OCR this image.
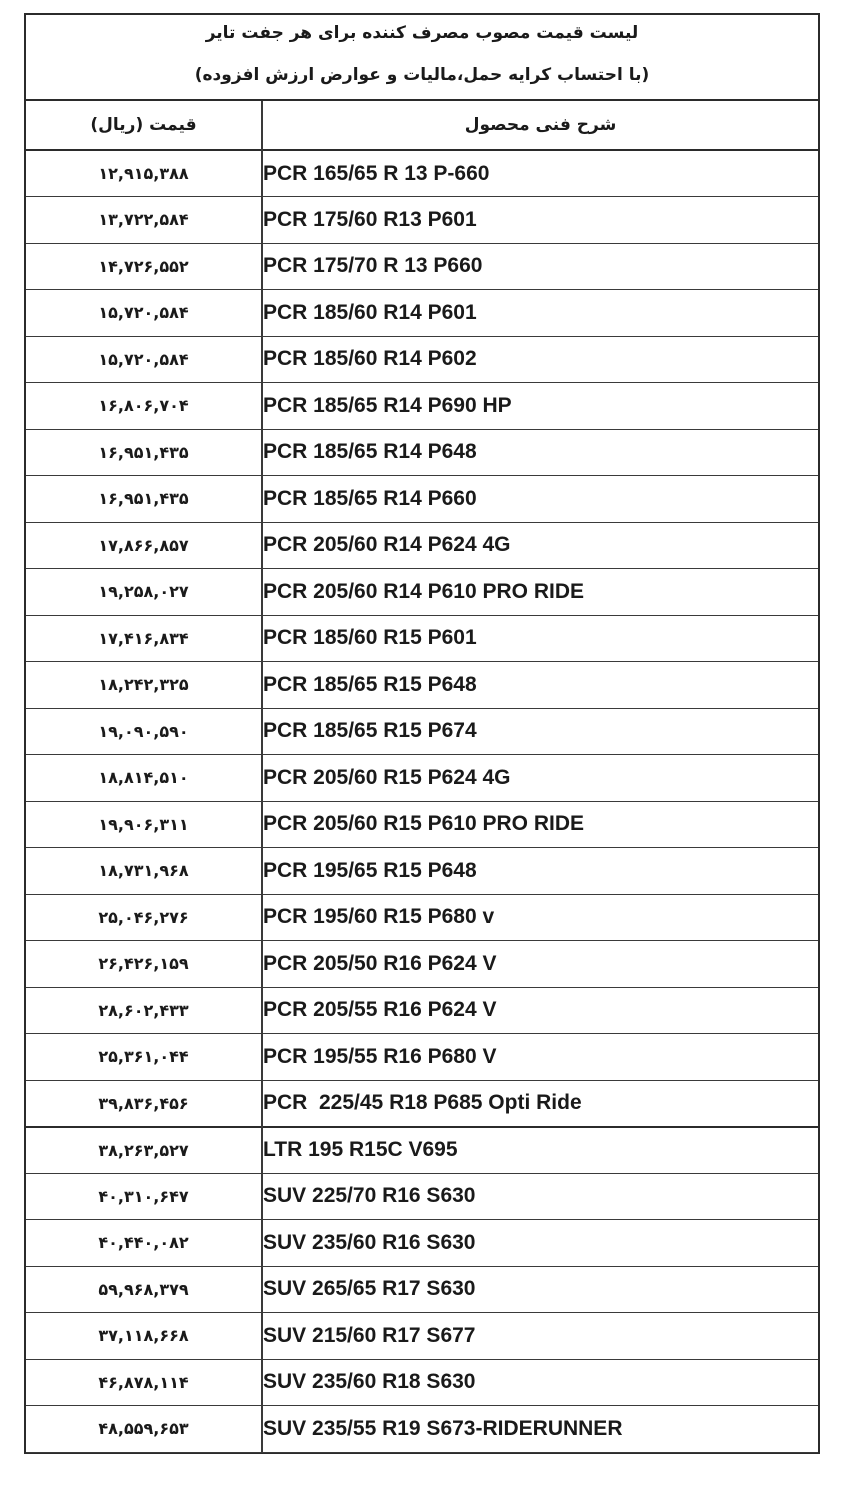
لیست قیمت مصوب مصرف کننده برای هر جفت تایر
(با احتساب کرایه حمل،مالیات و عوارض ارزش افزوده)
قیمت (ریال)	شرح فنی محصول
۱۲,۹۱۵,۳۸۸	PCR 165/65 R 13 P-660
۱۳,۷۲۲,۵۸۴	PCR 175/60 R13 P601
۱۴,۷۲۶,۵۵۲	PCR 175/70 R 13 P660
۱۵,۷۲۰,۵۸۴	PCR 185/60 R14 P601
۱۵,۷۲۰,۵۸۴	PCR 185/60 R14 P602
۱۶,۸۰۶,۷۰۴	PCR 185/65 R14 P690 HP
۱۶,۹۵۱,۴۳۵	PCR 185/65 R14 P648
۱۶,۹۵۱,۴۳۵	PCR 185/65 R14 P660
۱۷,۸۶۶,۸۵۷	PCR 205/60 R14 P624 4G
۱۹,۲۵۸,۰۲۷	PCR 205/60 R14 P610 PRO RIDE
۱۷,۴۱۶,۸۳۴	PCR 185/60 R15 P601
۱۸,۲۴۲,۳۲۵	PCR 185/65 R15 P648
۱۹,۰۹۰,۵۹۰	PCR 185/65 R15 P674
۱۸,۸۱۴,۵۱۰	PCR 205/60 R15 P624 4G
۱۹,۹۰۶,۳۱۱	PCR 205/60 R15 P610 PRO RIDE
۱۸,۷۳۱,۹۶۸	PCR 195/65 R15 P648
۲۵,۰۴۶,۲۷۶	PCR 195/60 R15 P680 v
۲۶,۴۲۶,۱۵۹	PCR 205/50 R16 P624 V
۲۸,۶۰۲,۴۳۳	PCR 205/55 R16 P624 V
۲۵,۳۶۱,۰۴۴	PCR 195/55 R16 P680 V
۳۹,۸۳۶,۴۵۶	PCR  225/45 R18 P685 Opti Ride
۳۸,۲۶۳,۵۲۷	LTR 195 R15C V695
۴۰,۳۱۰,۶۴۷	SUV 225/70 R16 S630
۴۰,۴۴۰,۰۸۲	SUV 235/60 R16 S630
۵۹,۹۶۸,۳۷۹	SUV 265/65 R17 S630
۳۷,۱۱۸,۶۶۸	SUV 215/60 R17 S677
۴۶,۸۷۸,۱۱۴	SUV 235/60 R18 S630
۴۸,۵۵۹,۶۵۳	SUV 235/55 R19 S673-RIDERUNNER
